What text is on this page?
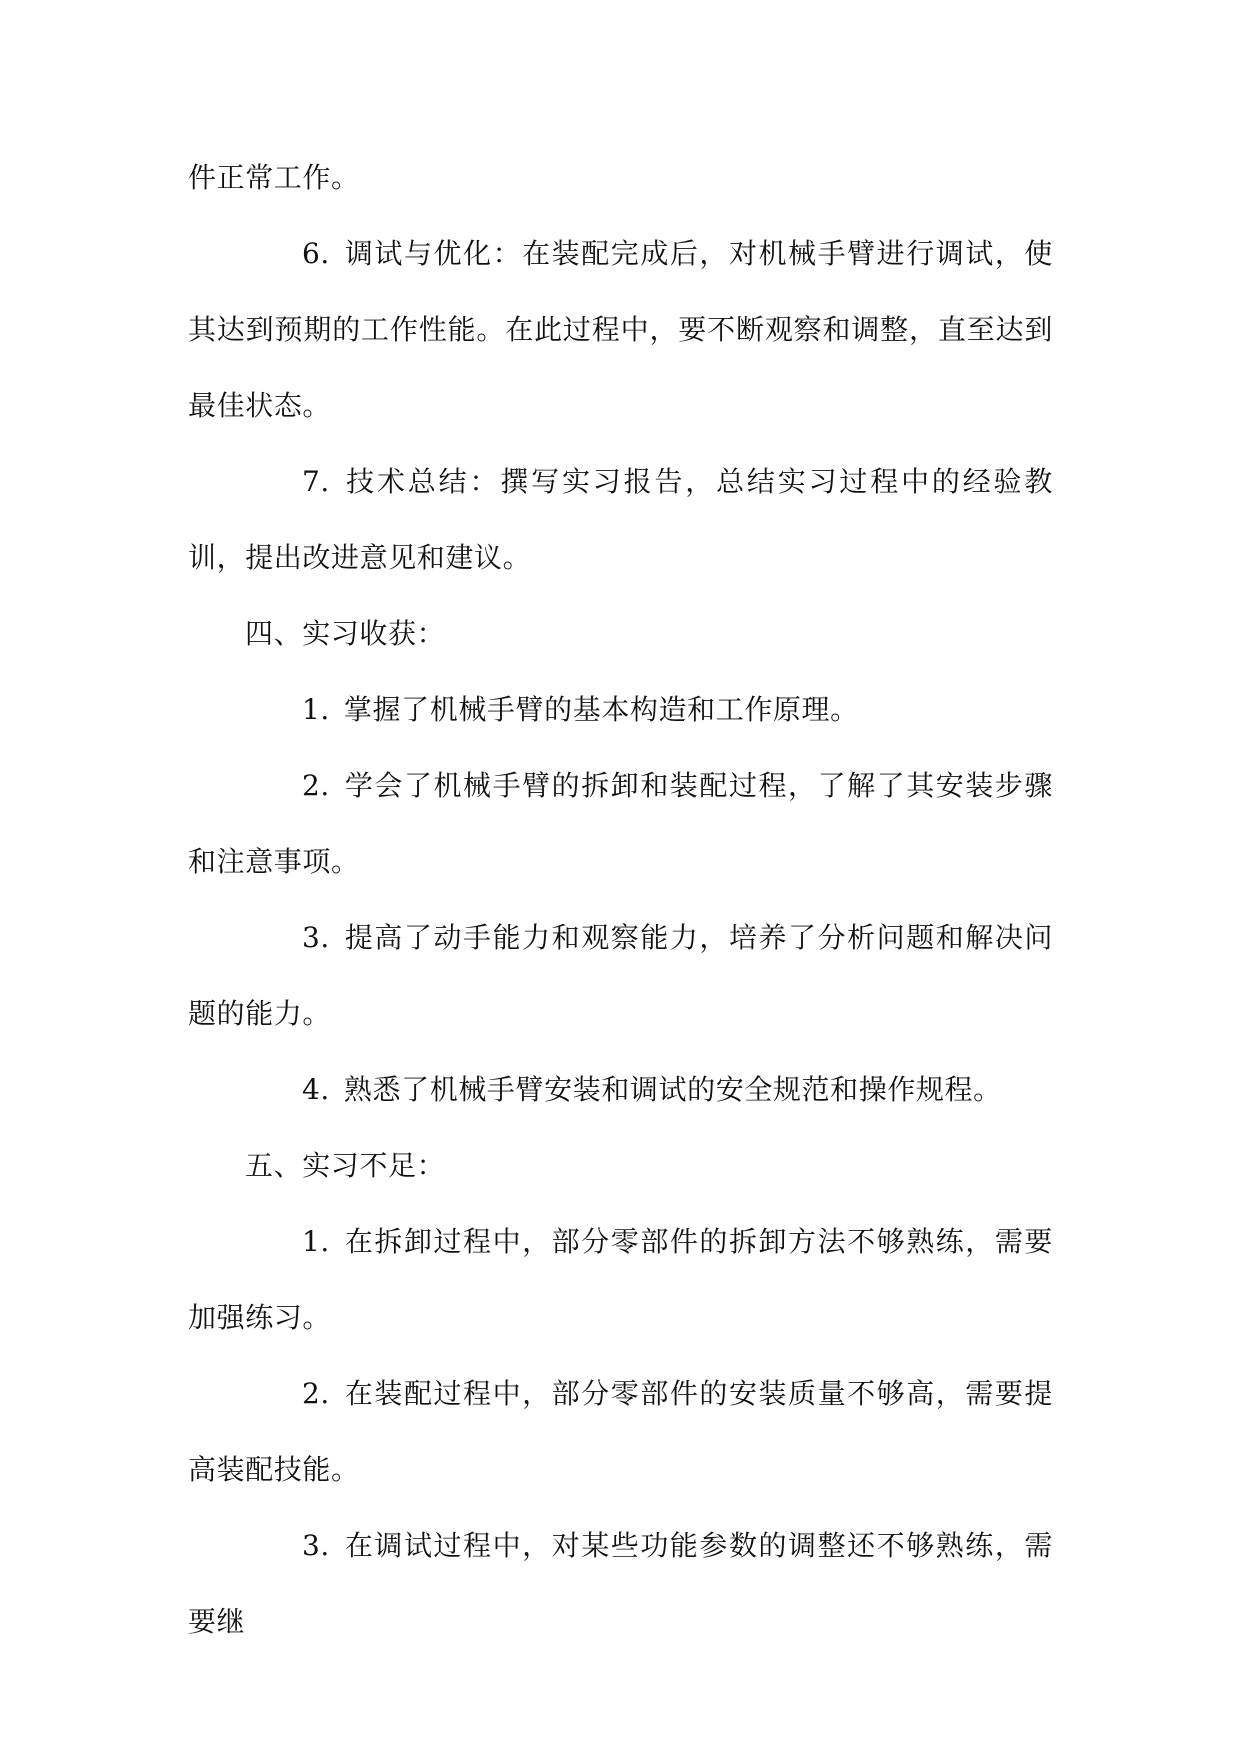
件正常工作。

6. 调试与优化：在装配完成后，对机械手臂进行调试，使其达到预期的工作性能。在此过程中，要不断观察和调整，直至达到最佳状态。

7. 技术总结：撰写实习报告，总结实习过程中的经验教训，提出改进意见和建议。

四、实习收获：

1. 掌握了机械手臂的基本构造和工作原理。

2. 学会了机械手臂的拆卸和装配过程，了解了其安装步骤和注意事项。

3. 提高了动手能力和观察能力，培养了分析问题和解决问题的能力。

4. 熟悉了机械手臂安装和调试的安全规范和操作规程。

五、实习不足：

1. 在拆卸过程中，部分零部件的拆卸方法不够熟练，需要加强练习。

2. 在装配过程中，部分零部件的安装质量不够高，需要提高装配技能。

3. 在调试过程中，对某些功能参数的调整还不够熟练，需要继
